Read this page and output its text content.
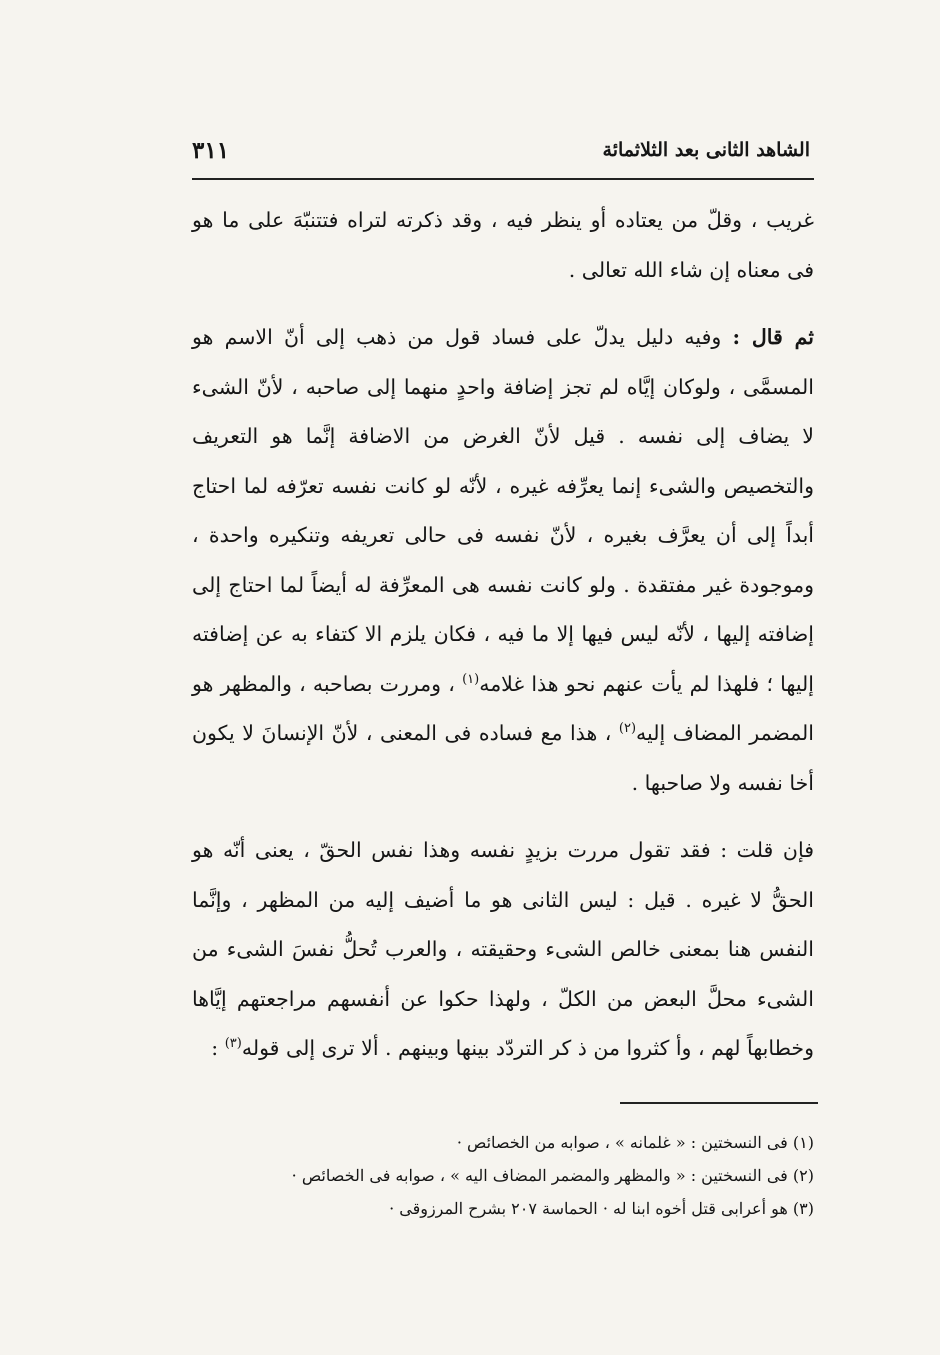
الشاهد الثانى بعد الثلاثمائة
٣١١

غريب ، وقلّ من يعتاده أو ينظر فيه ، وقد ذكرته لتراه فتتنبّهَ على ما هو فى معناه إن شاء الله تعالى .

ثم قال : وفيه دليل يدلّ على فساد قول من ذهب إلى أنّ الاسم هو المسمَّى ، ولوكان إيَّاه لم تجز إضافة واحدٍ منهما إلى صاحبه ، لأنّ الشىء لا يضاف إلى نفسه . قيل لأنّ الغرض من الاضافة إنَّما هو التعريف والتخصيص والشىء إنما يعرِّفه غيره ، لأنّه لو كانت نفسه تعرّفه لما احتاج أبداً إلى أن يعرَّف بغيره ، لأنّ نفسه فى حالى تعريفه وتنكيره واحدة ، وموجودة غير مفتقدة . ولو كانت نفسه هى المعرِّفة له أيضاً لما احتاج إلى إضافته إليها ، لأنّه ليس فيها إلا ما فيه ، فكان يلزم الا كتفاء به عن إضافته إليها ؛ فلهذا لم يأت عنهم نحو هذا غلامه$^{(١)}$ ، ومررت بصاحبه ، والمظهر هو المضمر المضاف إليه$^{(٢)}$ ، هذا مع فساده فى المعنى ، لأنّ الإنسانَ لا يكون أخا نفسه ولا صاحبها .

فإن قلت : فقد تقول مررت بزيدٍ نفسه وهذا نفس الحقّ ، يعنى أنّه هو الحقُّ لا غيره . قيل : ليس الثانى هو ما أضيف إليه من المظهر ، وإنَّما النفس هنا بمعنى خالص الشىء وحقيقته ، والعرب تُحلُّ نفسَ الشىء من الشىء محلَّ البعض من الكلّ ، ولهذا حكوا عن أنفسهم مراجعتهم إيَّاها وخطابهاً لهم ، وأ كثروا من ذ كر التردّد بينها وبينهم . ألا ترى إلى قوله$^{(٣)}$ :

(١) فى النسختين : « غلمانه » ، صوابه من الخصائص ·
(٢) فى النسختين : « والمظهر والمضمر المضاف اليه » ، صوابه فى الخصائص ·
(٣) هو أعرابى قتل أخوه ابنا له · الحماسة ٢٠٧ بشرح المرزوقى ·
